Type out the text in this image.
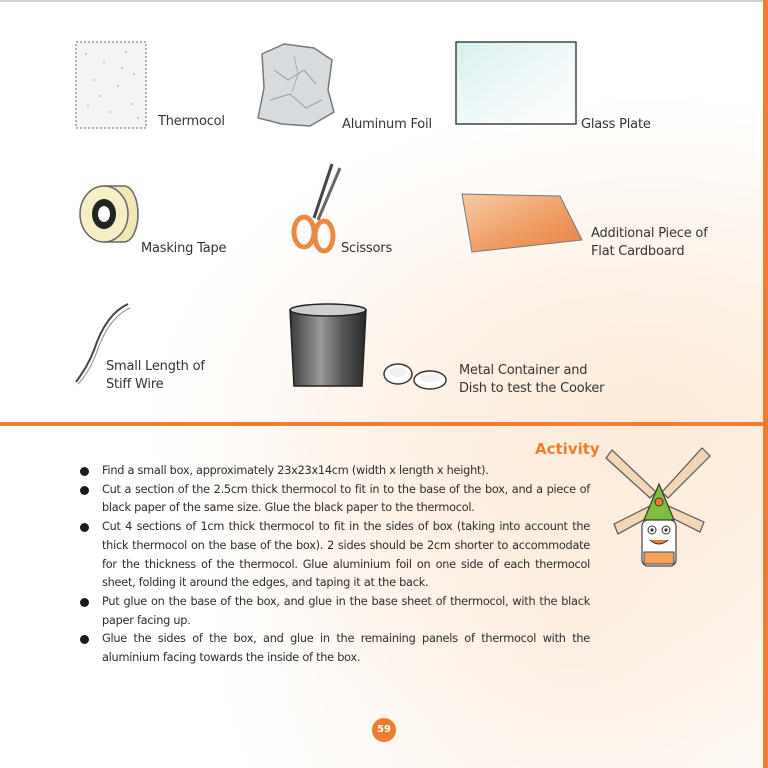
Thermocol	Aluminum Foil	Glass Plate
Masking Tape	Scissors
Additional Piece of
Flat Cardboard
Small Length of
Stiff Wire
Metal Container and
Dish to test the Cooker
Activity
Find a small box, approximately 23x23x14cm (width x length x height).
Cut a section of the 2.5cm thick thermocol to fit in to the base of the box, and a piece of black paper of the same size. Glue the black paper to the thermocol.
Cut 4 sections of 1cm thick thermocol to fit in the sides of box (taking into account the thick thermocol on the base of the box). 2 sides should be 2cm shorter to accommodate for the thickness of the thermocol. Glue aluminium foil on one side of each thermocol sheet, folding it around the edges, and taping it at the back.
Put glue on the base of the box, and glue in the base sheet of thermocol, with the black paper facing up.
Glue the sides of the box, and glue in the remaining panels of thermocol with the aluminium facing towards the inside of the box.
59
